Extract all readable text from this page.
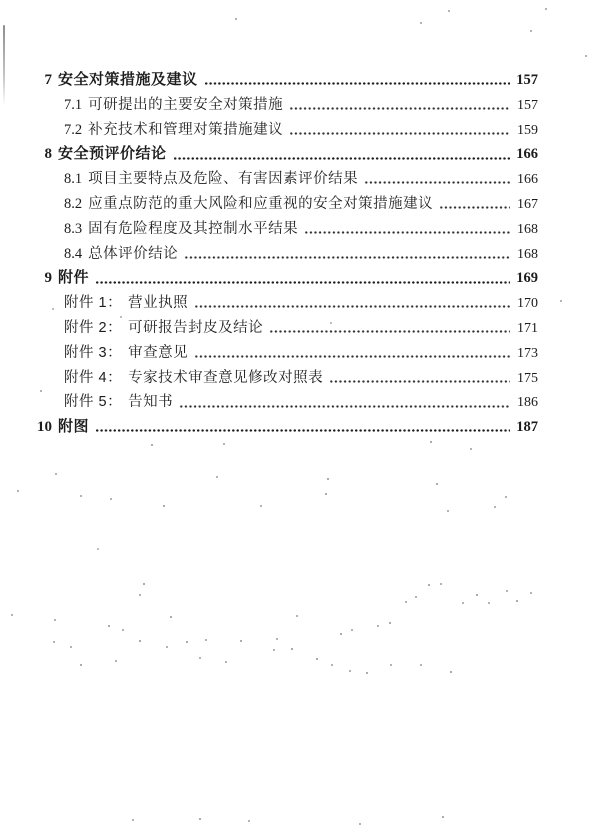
7 安全对策措施及建议	157
7.1 可研提出的主要安全对策措施	157
7.2 补充技术和管理对策措施建议	159
8 安全预评价结论	166
8.1 项目主要特点及危险、有害因素评价结果	166
8.2 应重点防范的重大风险和应重视的安全对策措施建议	167
8.3 固有危险程度及其控制水平结果	168
8.4 总体评价结论	168
9 附件	169
附件 1： 营业执照	170
附件 2： 可研报告封皮及结论	171
附件 3： 审查意见	173
附件 4： 专家技术审查意见修改对照表	175
附件 5： 告知书	186
10 附图	187
